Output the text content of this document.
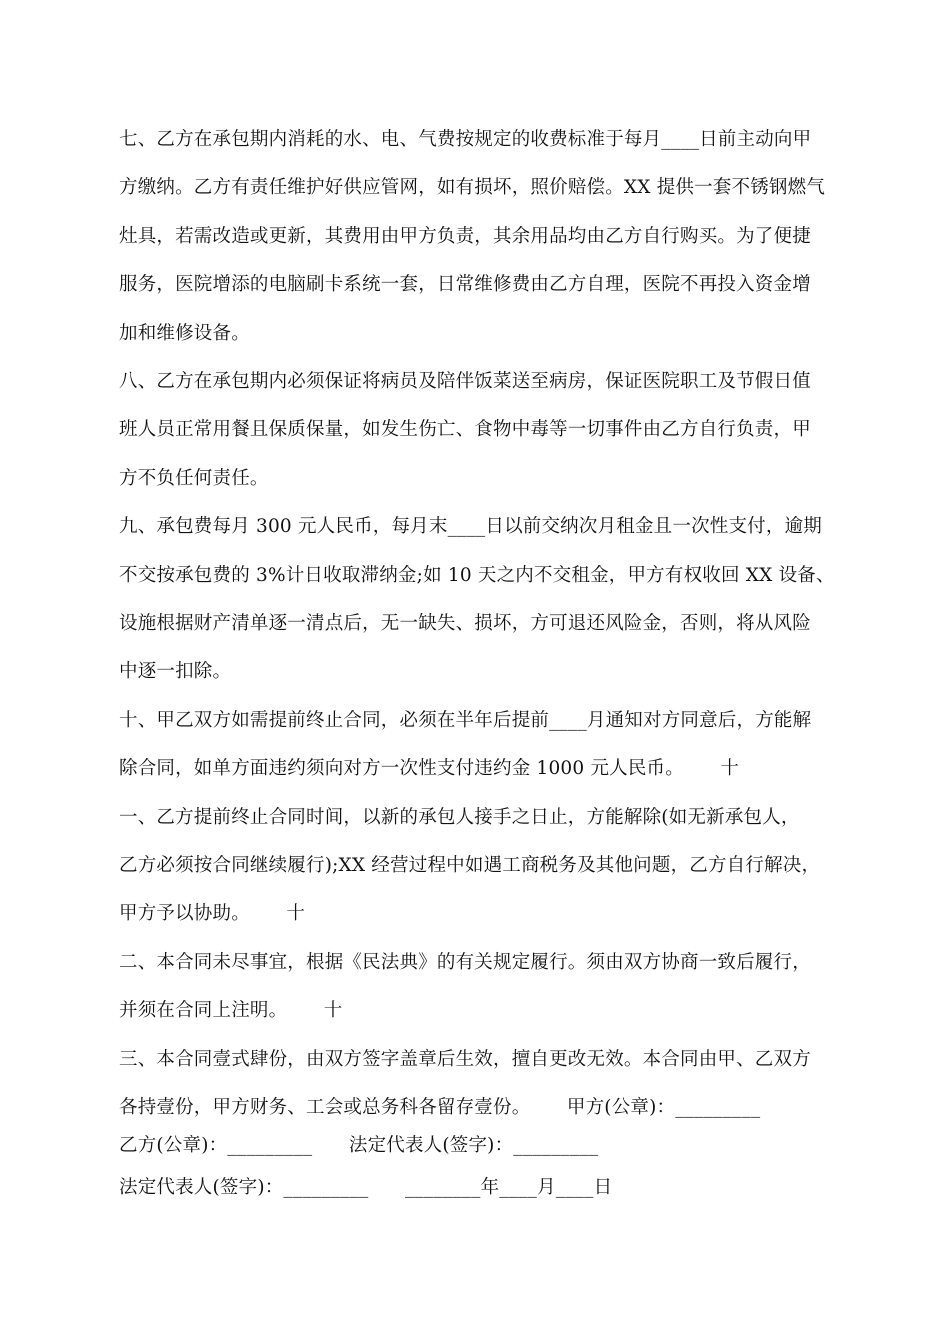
七、乙方在承包期内消耗的水、电、气费按规定的收费标准于每月____日前主动向甲
方缴纳。乙方有责任维护好供应管网，如有损坏，照价赔偿。XX 提供一套不锈钢燃气
灶具，若需改造或更新，其费用由甲方负责，其余用品均由乙方自行购买。为了便捷
服务，医院增添的电脑刷卡系统一套，日常维修费由乙方自理，医院不再投入资金增
加和维修设备。
八、乙方在承包期内必须保证将病员及陪伴饭菜送至病房，保证医院职工及节假日值
班人员正常用餐且保质保量，如发生伤亡、食物中毒等一切事件由乙方自行负责，甲
方不负任何责任。
九、承包费每月 300 元人民币，每月末____日以前交纳次月租金且一次性支付，逾期
不交按承包费的 3%计日收取滞纳金;如 10 天之内不交租金，甲方有权收回 XX 设备、
设施根据财产清单逐一清点后，无一缺失、损坏，方可退还风险金，否则，将从风险
中逐一扣除。
十、甲乙双方如需提前终止合同，必须在半年后提前____月通知对方同意后，方能解
除合同，如单方面违约须向对方一次性支付违约金 1000 元人民币。      十
一、乙方提前终止合同时间，以新的承包人接手之日止，方能解除(如无新承包人，
乙方必须按合同继续履行);XX 经营过程中如遇工商税务及其他问题，乙方自行解决，
甲方予以协助。      十
二、本合同未尽事宜，根据《民法典》的有关规定履行。须由双方协商一致后履行，
并须在合同上注明。      十
三、本合同壹式肆份，由双方签字盖章后生效，擅自更改无效。本合同由甲、乙双方
各持壹份，甲方财务、工会或总务科各留存壹份。      甲方(公章)：_________
乙方(公章)：_________      法定代表人(签字)：_________
法定代表人(签字)：_________      ________年____月____日
